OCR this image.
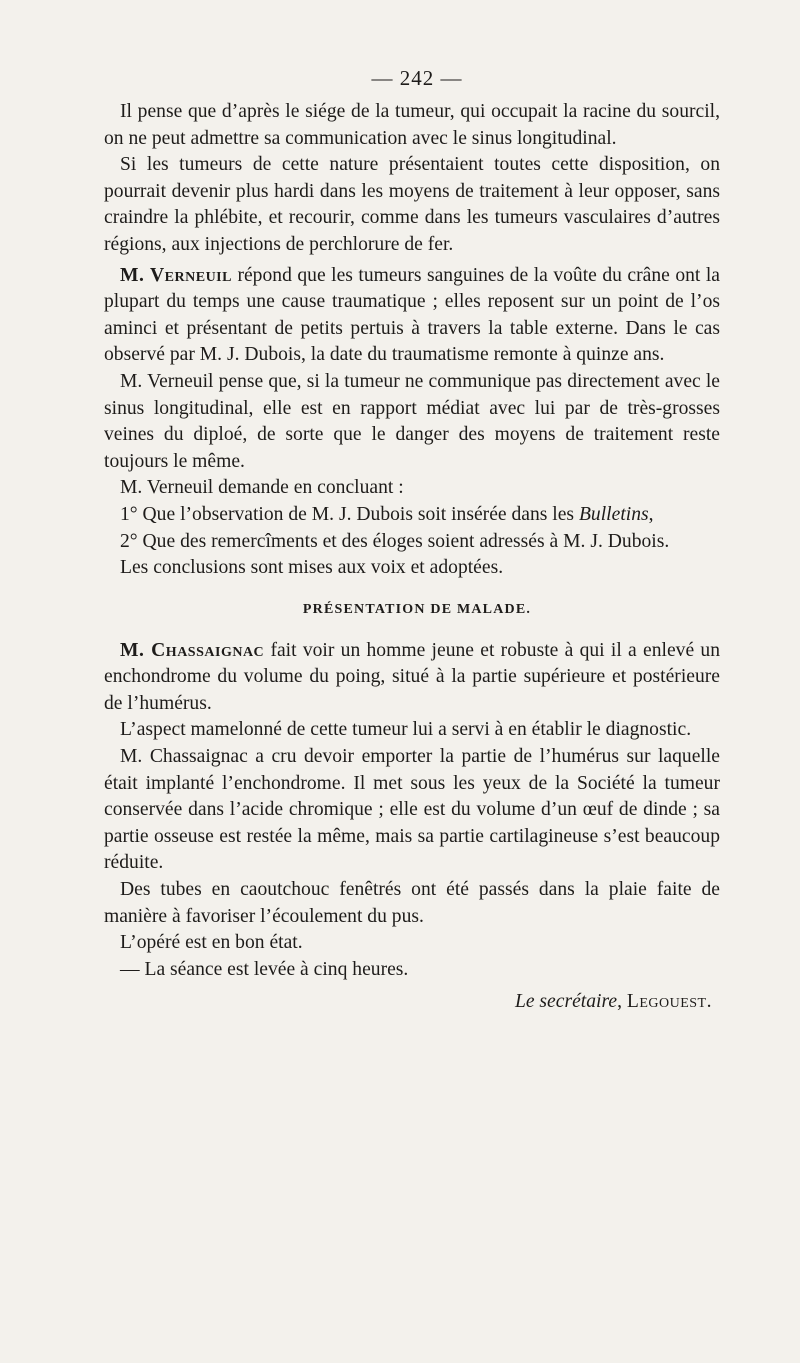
— 242 —

Il pense que d’après le siége de la tumeur, qui occupait la racine du sourcil, on ne peut admettre sa communication avec le sinus longitudinal.

Si les tumeurs de cette nature présentaient toutes cette disposition, on pourrait devenir plus hardi dans les moyens de traitement à leur opposer, sans craindre la phlébite, et recourir, comme dans les tumeurs vasculaires d’autres régions, aux injections de perchlorure de fer.

M. Verneuil répond que les tumeurs sanguines de la voûte du crâne ont la plupart du temps une cause traumatique ; elles reposent sur un point de l’os aminci et présentant de petits pertuis à travers la table externe. Dans le cas observé par M. J. Dubois, la date du traumatisme remonte à quinze ans.

M. Verneuil pense que, si la tumeur ne communique pas directement avec le sinus longitudinal, elle est en rapport médiat avec lui par de très-grosses veines du diploé, de sorte que le danger des moyens de traitement reste toujours le même.

M. Verneuil demande en concluant :

1° Que l’observation de M. J. Dubois soit insérée dans les Bulletins,

2° Que des remercîments et des éloges soient adressés à M. J. Dubois.

Les conclusions sont mises aux voix et adoptées.

PRÉSENTATION DE MALADE.

M. Chassaignac fait voir un homme jeune et robuste à qui il a enlevé un enchondrome du volume du poing, situé à la partie supérieure et postérieure de l’humérus.

L’aspect mamelonné de cette tumeur lui a servi à en établir le diagnostic.

M. Chassaignac a cru devoir emporter la partie de l’humérus sur laquelle était implanté l’enchondrome. Il met sous les yeux de la Société la tumeur conservée dans l’acide chromique ; elle est du volume d’un œuf de dinde ; sa partie osseuse est restée la même, mais sa partie cartilagineuse s’est beaucoup réduite.

Des tubes en caoutchouc fenêtrés ont été passés dans la plaie faite de manière à favoriser l’écoulement du pus.

L’opéré est en bon état.

— La séance est levée à cinq heures.

Le secrétaire, Legouest.
